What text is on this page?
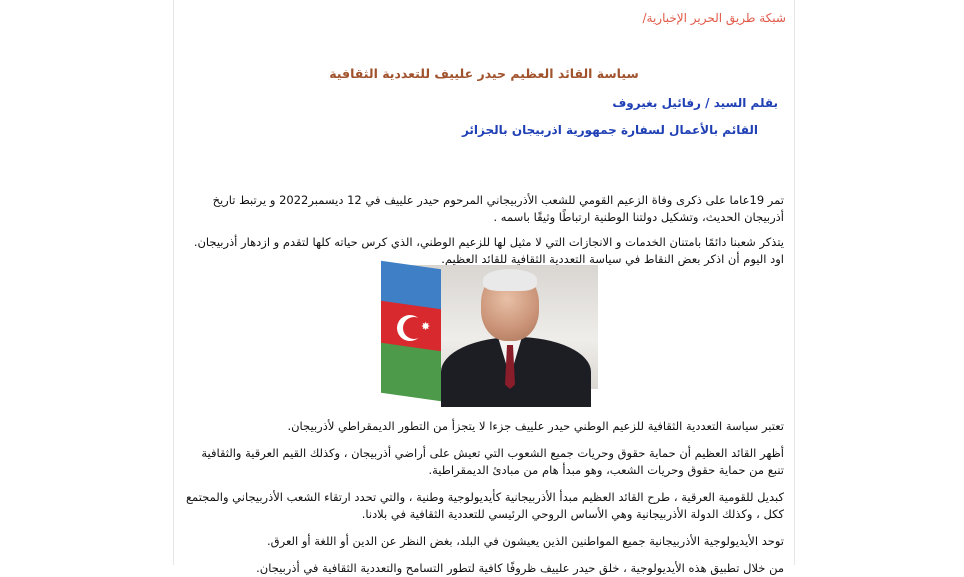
شبكة طريق الحرير الإخبارية/
سياسة القائد العظيم حيدر علييف للتعددية الثقافية
بقلم السيد / رفائيل بغيروف
القائم بالأعمال لسفارة جمهورية اذربيجان بالجزائر

تمر 19عاما على ذكرى وفاة الزعيم القومي للشعب الأذربيجاني المرحوم حيدر علييف في 12 ديسمبر2022 و يرتبط تاريخ أذربيجان الحديث، وتشكيل دولتنا الوطنية ارتباطًا وثيقًا باسمه .

يتذكر شعبنا دائمًا بامتنان الخدمات و الانجازات التي لا مثيل لها للزعيم الوطني، الذي كرس حياته كلها لتقدم و ازدهار أذربيجان. اود اليوم أن اذكر بعض النقاط في سياسة التعددية الثقافية للقائد العظيم.

✸

تعتبر سياسة التعددية الثقافية للزعيم الوطني حيدر علييف جزءا لا يتجزأ من التطور الديمقراطي لأذربيجان.

أظهر القائد العظيم أن حماية حقوق وحريات جميع الشعوب التي تعيش على أراضي أذربيجان ، وكذلك القيم العرقية والثقافية تنبع من حماية حقوق وحريات الشعب، وهو مبدأ هام من مبادئ الديمقراطية.

كبديل للقومية العرقية ، طرح القائد العظيم مبدأ الأذربيجانية كأيديولوجية وطنية ، والتي تحدد ارتقاء الشعب الأذربيجاني والمجتمع ككل ، وكذلك الدولة الأذربيجانية وهي الأساس الروحي الرئيسي للتعددية الثقافية في بلادنا.

توحد الأيديولوجية الأذربيجانية جميع المواطنين الذين يعيشون في البلد، بغض النظر عن الدين أو اللغة أو العرق.

من خلال تطبيق هذه الأيديولوجية ، خلق حيدر علييف ظروفًا كافية لتطور التسامح والتعددية الثقافية في أذربيجان.
